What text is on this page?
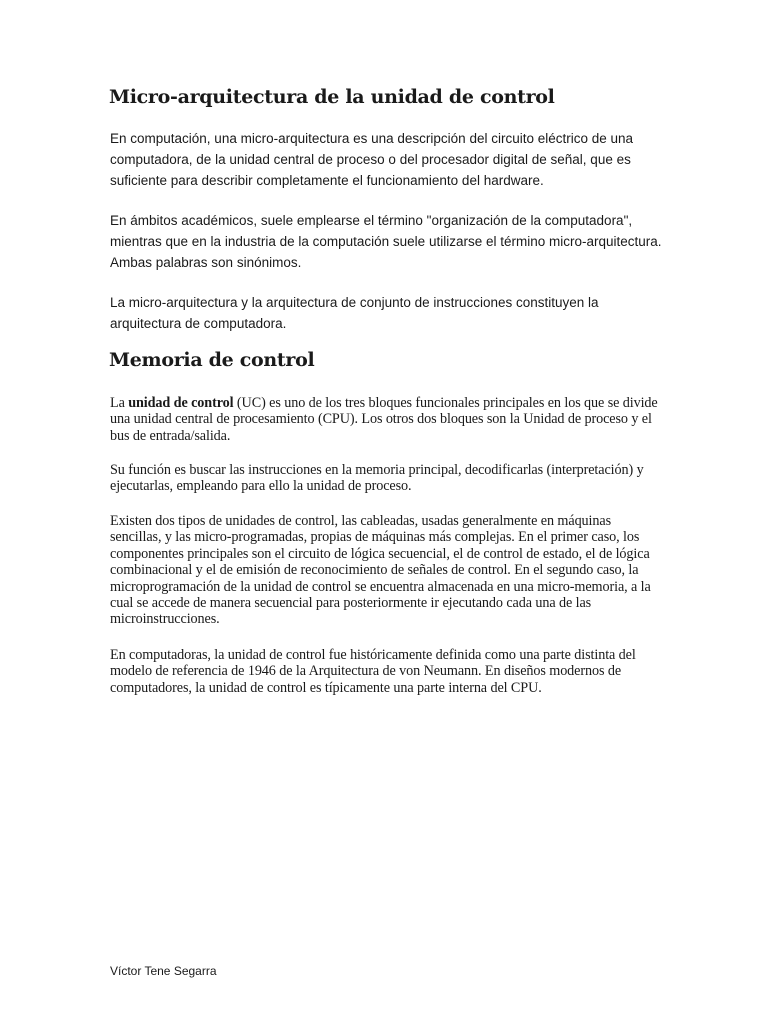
Micro-arquitectura de la unidad de control

En computación, una micro-arquitectura es una descripción del circuito eléctrico de una computadora, de la unidad central de proceso o del procesador digital de señal, que es suficiente para describir completamente el funcionamiento del hardware.

En ámbitos académicos, suele emplearse el término "organización de la computadora", mientras que en la industria de la computación suele utilizarse el término micro-arquitectura. Ambas palabras son sinónimos.

La micro-arquitectura y la arquitectura de conjunto de instrucciones constituyen la arquitectura de computadora.

Memoria de control

La unidad de control (UC) es uno de los tres bloques funcionales principales en los que se divide una unidad central de procesamiento (CPU). Los otros dos bloques son la Unidad de proceso y el bus de entrada/salida.

Su función es buscar las instrucciones en la memoria principal, decodificarlas (interpretación) y ejecutarlas, empleando para ello la unidad de proceso.

Existen dos tipos de unidades de control, las cableadas, usadas generalmente en máquinas sencillas, y las micro-programadas, propias de máquinas más complejas. En el primer caso, los componentes principales son el circuito de lógica secuencial, el de control de estado, el de lógica combinacional y el de emisión de reconocimiento de señales de control. En el segundo caso, la microprogramación de la unidad de control se encuentra almacenada en una micro-memoria, a la cual se accede de manera secuencial para posteriormente ir ejecutando cada una de las microinstrucciones.

En computadoras, la unidad de control fue históricamente definida como una parte distinta del modelo de referencia de 1946 de la Arquitectura de von Neumann. En diseños modernos de computadores, la unidad de control es típicamente una parte interna del CPU.

Víctor Tene Segarra
